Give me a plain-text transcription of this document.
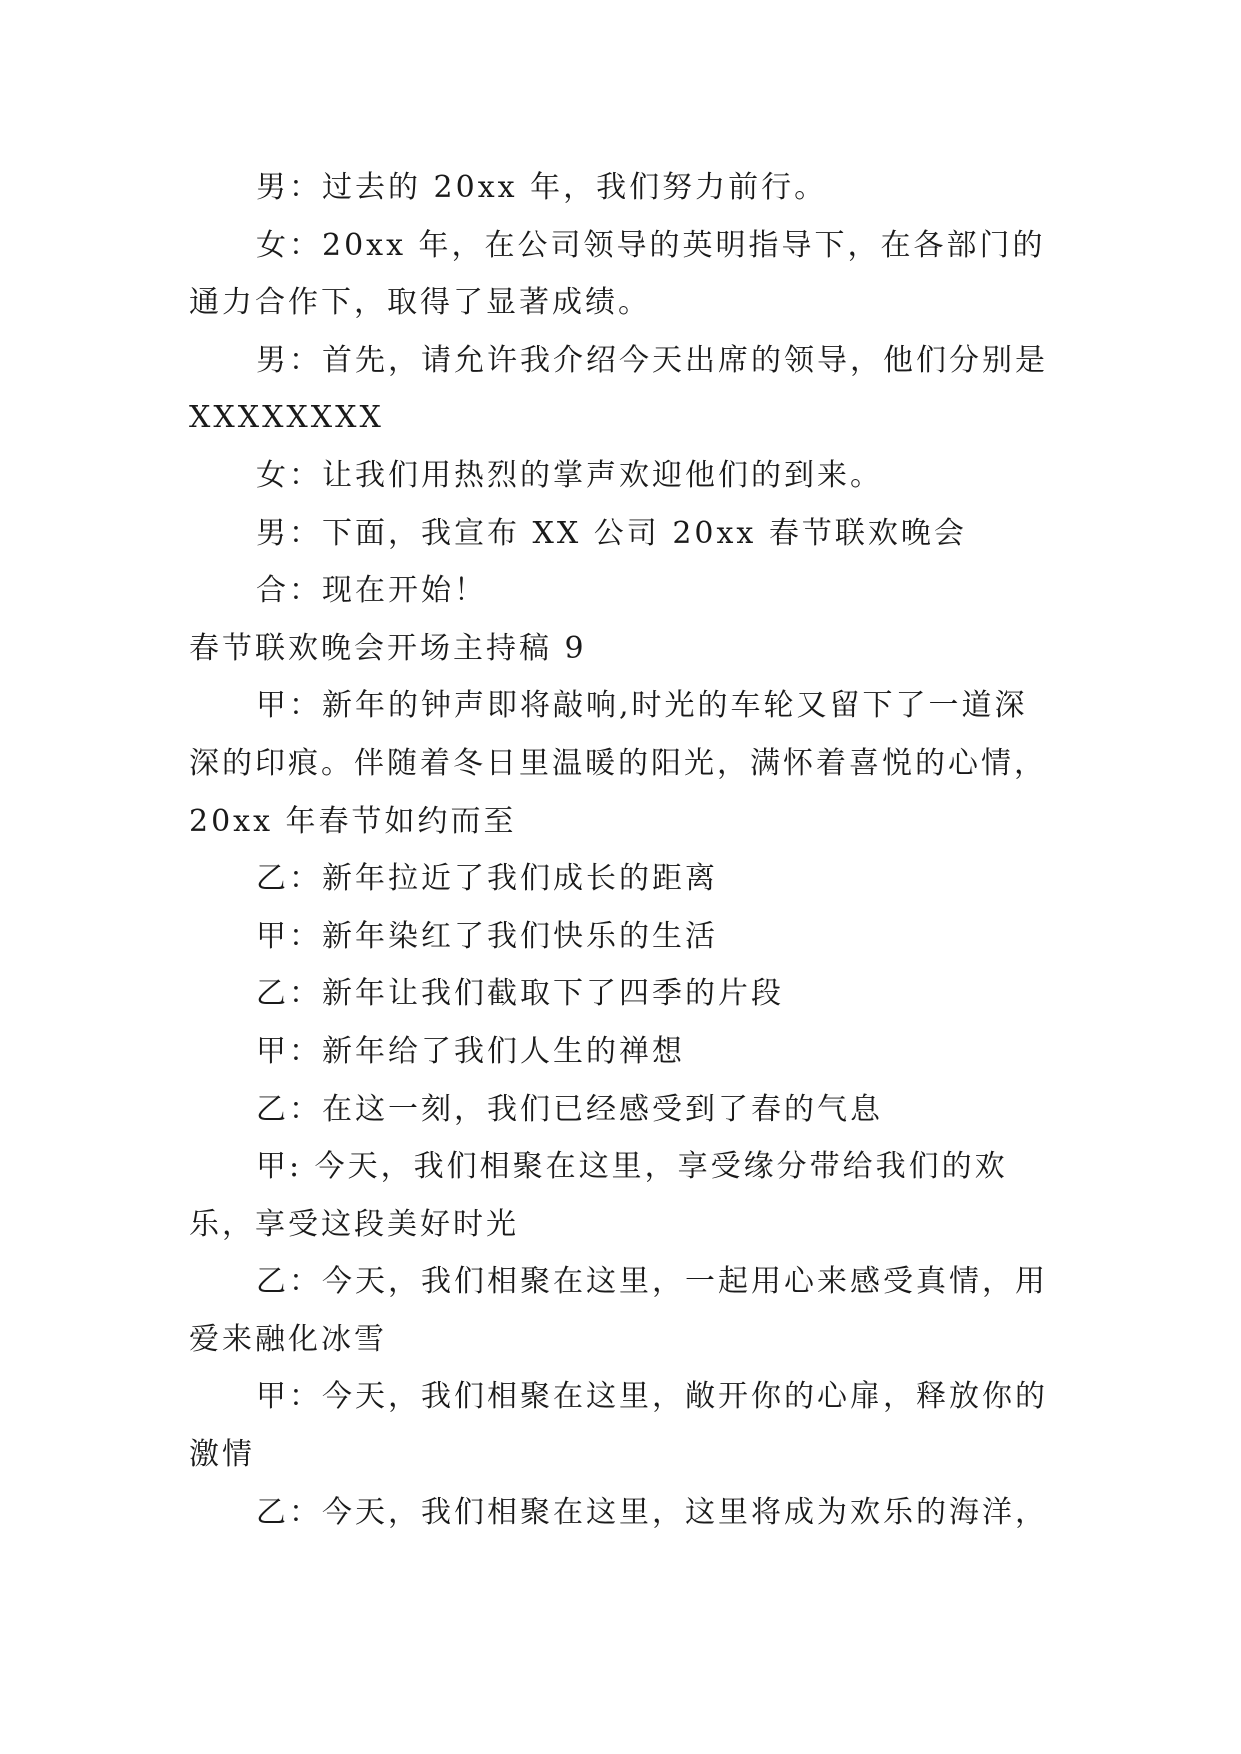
男：过去的 20xx 年，我们努力前行。

女：20xx 年，在公司领导的英明指导下，在各部门的通力合作下，取得了显著成绩。

男：首先，请允许我介绍今天出席的领导，他们分别是 XXXXXXXX

女：让我们用热烈的掌声欢迎他们的到来。

男：下面，我宣布 XX 公司 20xx 春节联欢晚会

合：现在开始！

春节联欢晚会开场主持稿 9

甲：新年的钟声即将敲响,时光的车轮又留下了一道深深的印痕。伴随着冬日里温暖的阳光，满怀着喜悦的心情，20xx 年春节如约而至

乙：新年拉近了我们成长的距离

甲：新年染红了我们快乐的生活

乙：新年让我们截取下了四季的片段

甲：新年给了我们人生的禅想

乙：在这一刻，我们已经感受到了春的气息

甲: 今天，我们相聚在这里，享受缘分带给我们的欢乐，享受这段美好时光

乙：今天，我们相聚在这里，一起用心来感受真情，用爱来融化冰雪

甲：今天，我们相聚在这里，敞开你的心扉，释放你的激情

乙：今天，我们相聚在这里，这里将成为欢乐的海洋，
